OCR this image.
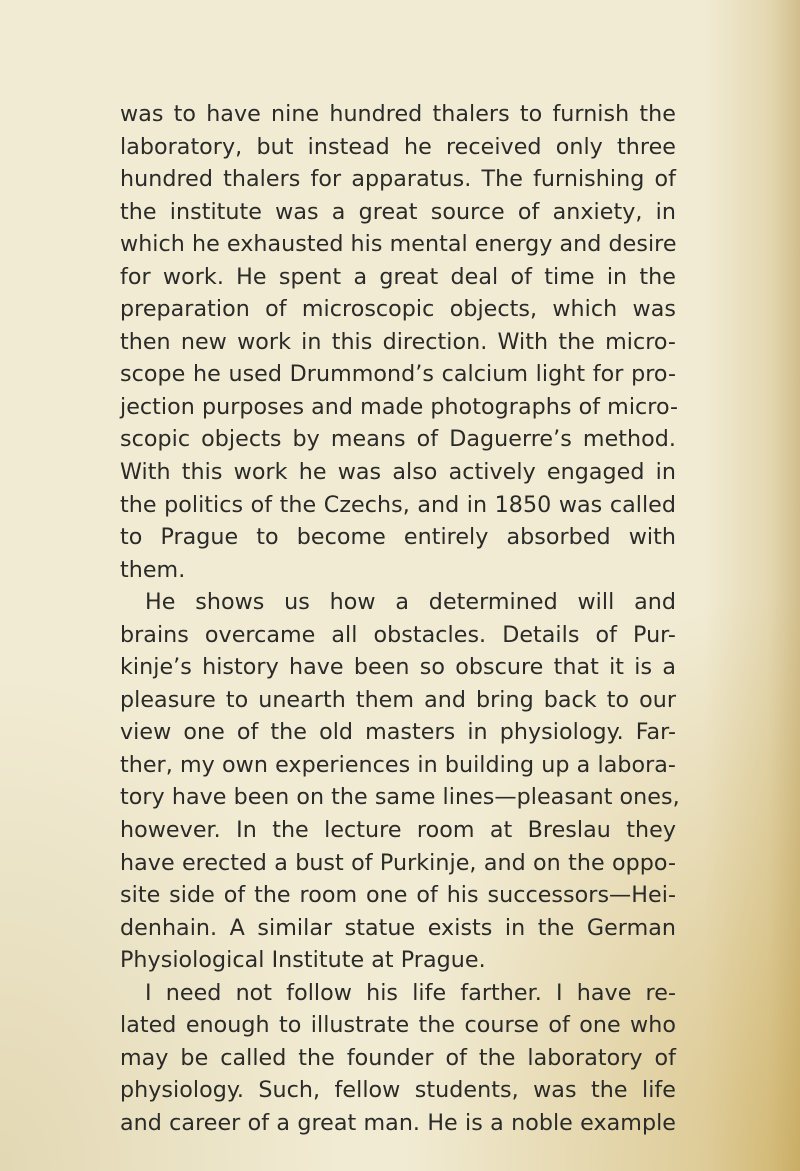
was to have nine hundred thalers to furnish the
laboratory, but instead he received only three
hundred thalers for apparatus. The furnishing of
the institute was a great source of anxiety, in
which he exhausted his mental energy and desire
for work. He spent a great deal of time in the
preparation of microscopic objects, which was
then new work in this direction. With the micro-
scope he used Drummond’s calcium light for pro-
jection purposes and made photographs of micro-
scopic objects by means of Daguerre’s method.
With this work he was also actively engaged in
the politics of the Czechs, and in 1850 was called
to Prague to become entirely absorbed with
them.
He shows us how a determined will and
brains overcame all obstacles. Details of Pur-
kinje’s history have been so obscure that it is a
pleasure to unearth them and bring back to our
view one of the old masters in physiology. Far-
ther, my own experiences in building up a labora-
tory have been on the same lines—pleasant ones,
however. In the lecture room at Breslau they
have erected a bust of Purkinje, and on the oppo-
site side of the room one of his successors—Hei-
denhain. A similar statue exists in the German
Physiological Institute at Prague.
I need not follow his life farther. I have re-
lated enough to illustrate the course of one who
may be called the founder of the laboratory of
physiology. Such, fellow students, was the life
and career of a great man. He is a noble example
